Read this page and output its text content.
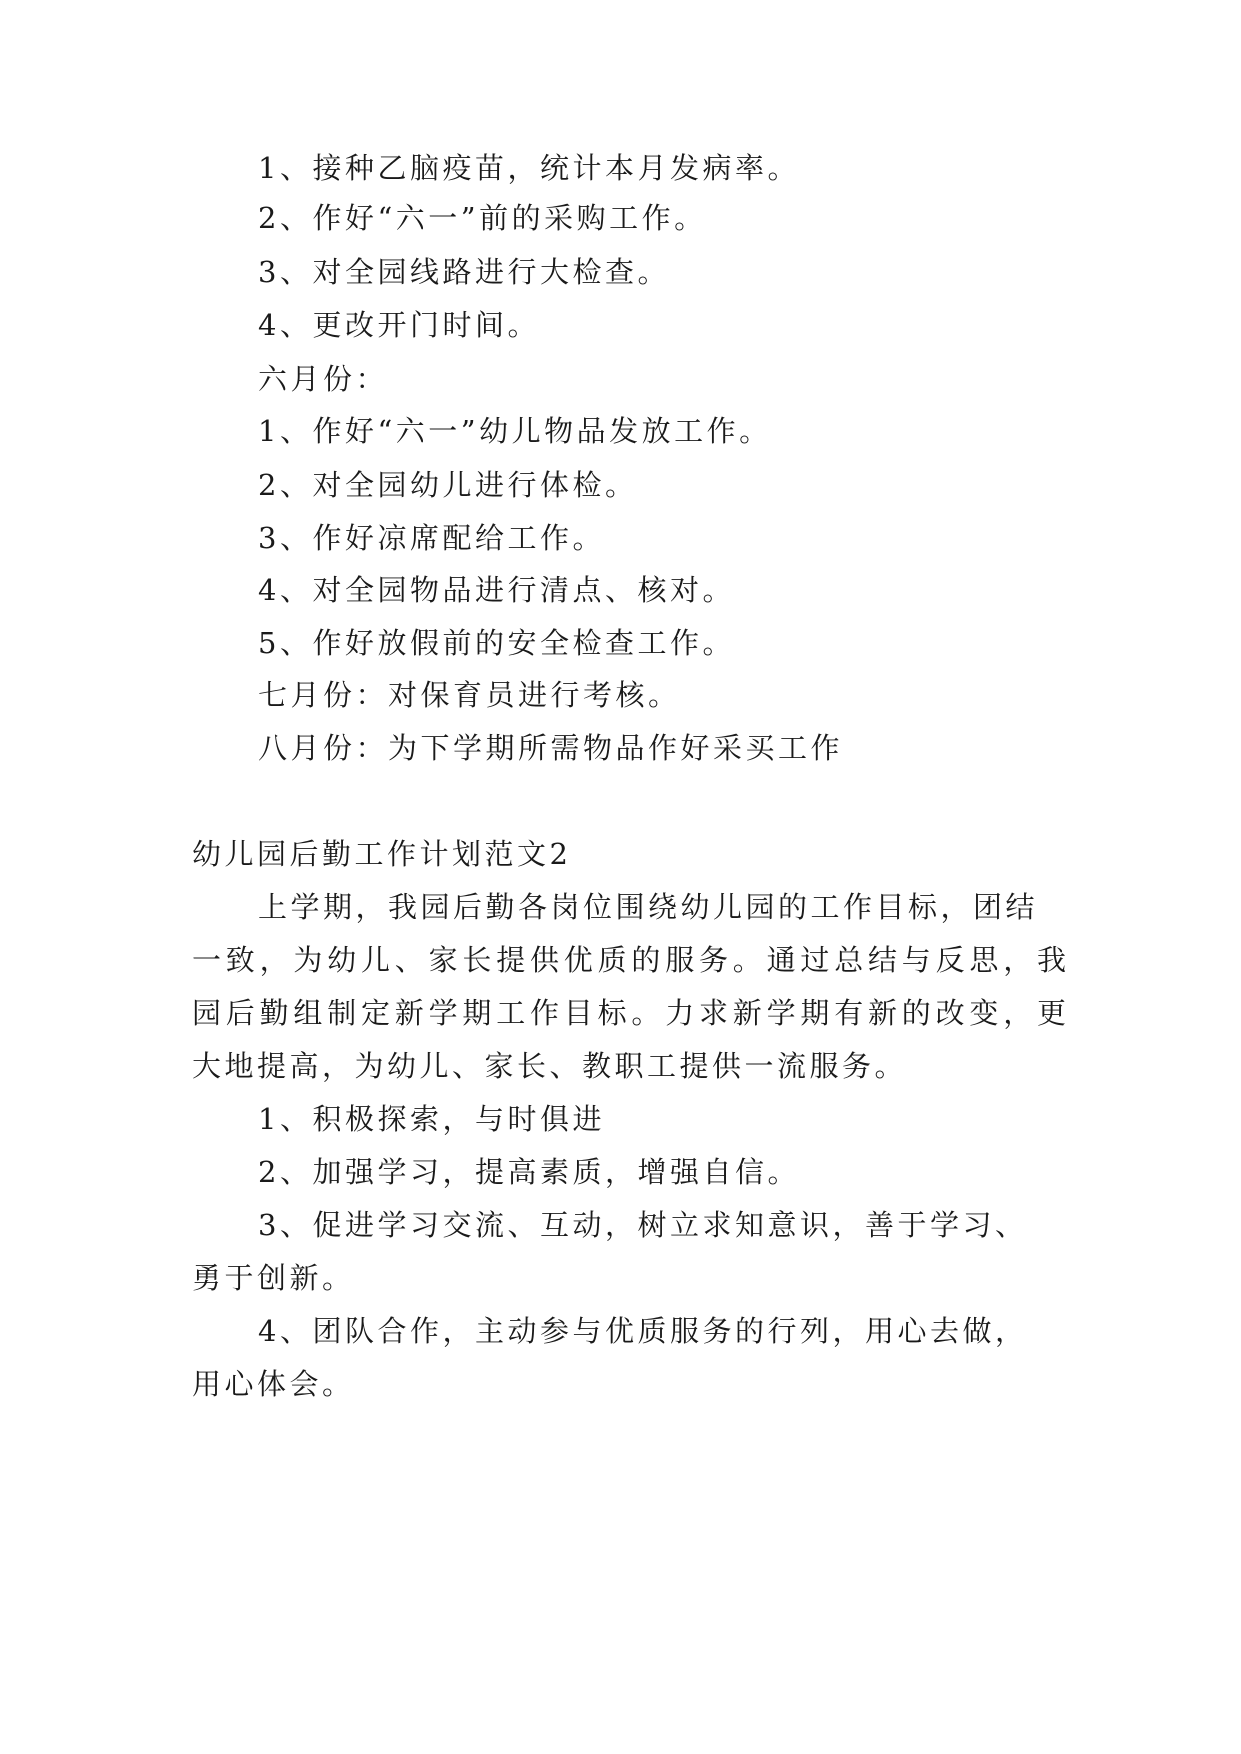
1、接种乙脑疫苗，统计本月发病率。
2、作好“六一”前的采购工作。
3、对全园线路进行大检查。
4、更改开门时间。
六月份：
1、作好“六一”幼儿物品发放工作。
2、对全园幼儿进行体检。
3、作好凉席配给工作。
4、对全园物品进行清点、核对。
5、作好放假前的安全检查工作。
七月份：对保育员进行考核。
八月份：为下学期所需物品作好采买工作
幼儿园后勤工作计划范文2
上学期，我园后勤各岗位围绕幼儿园的工作目标，团结
一致，为幼儿、家长提供优质的服务。通过总结与反思，我
园后勤组制定新学期工作目标。力求新学期有新的改变，更
大地提高，为幼儿、家长、教职工提供一流服务。
1、积极探索，与时俱进
2、加强学习，提高素质，增强自信。
3、促进学习交流、互动，树立求知意识，善于学习、
勇于创新。
4、团队合作，主动参与优质服务的行列，用心去做，
用心体会。
